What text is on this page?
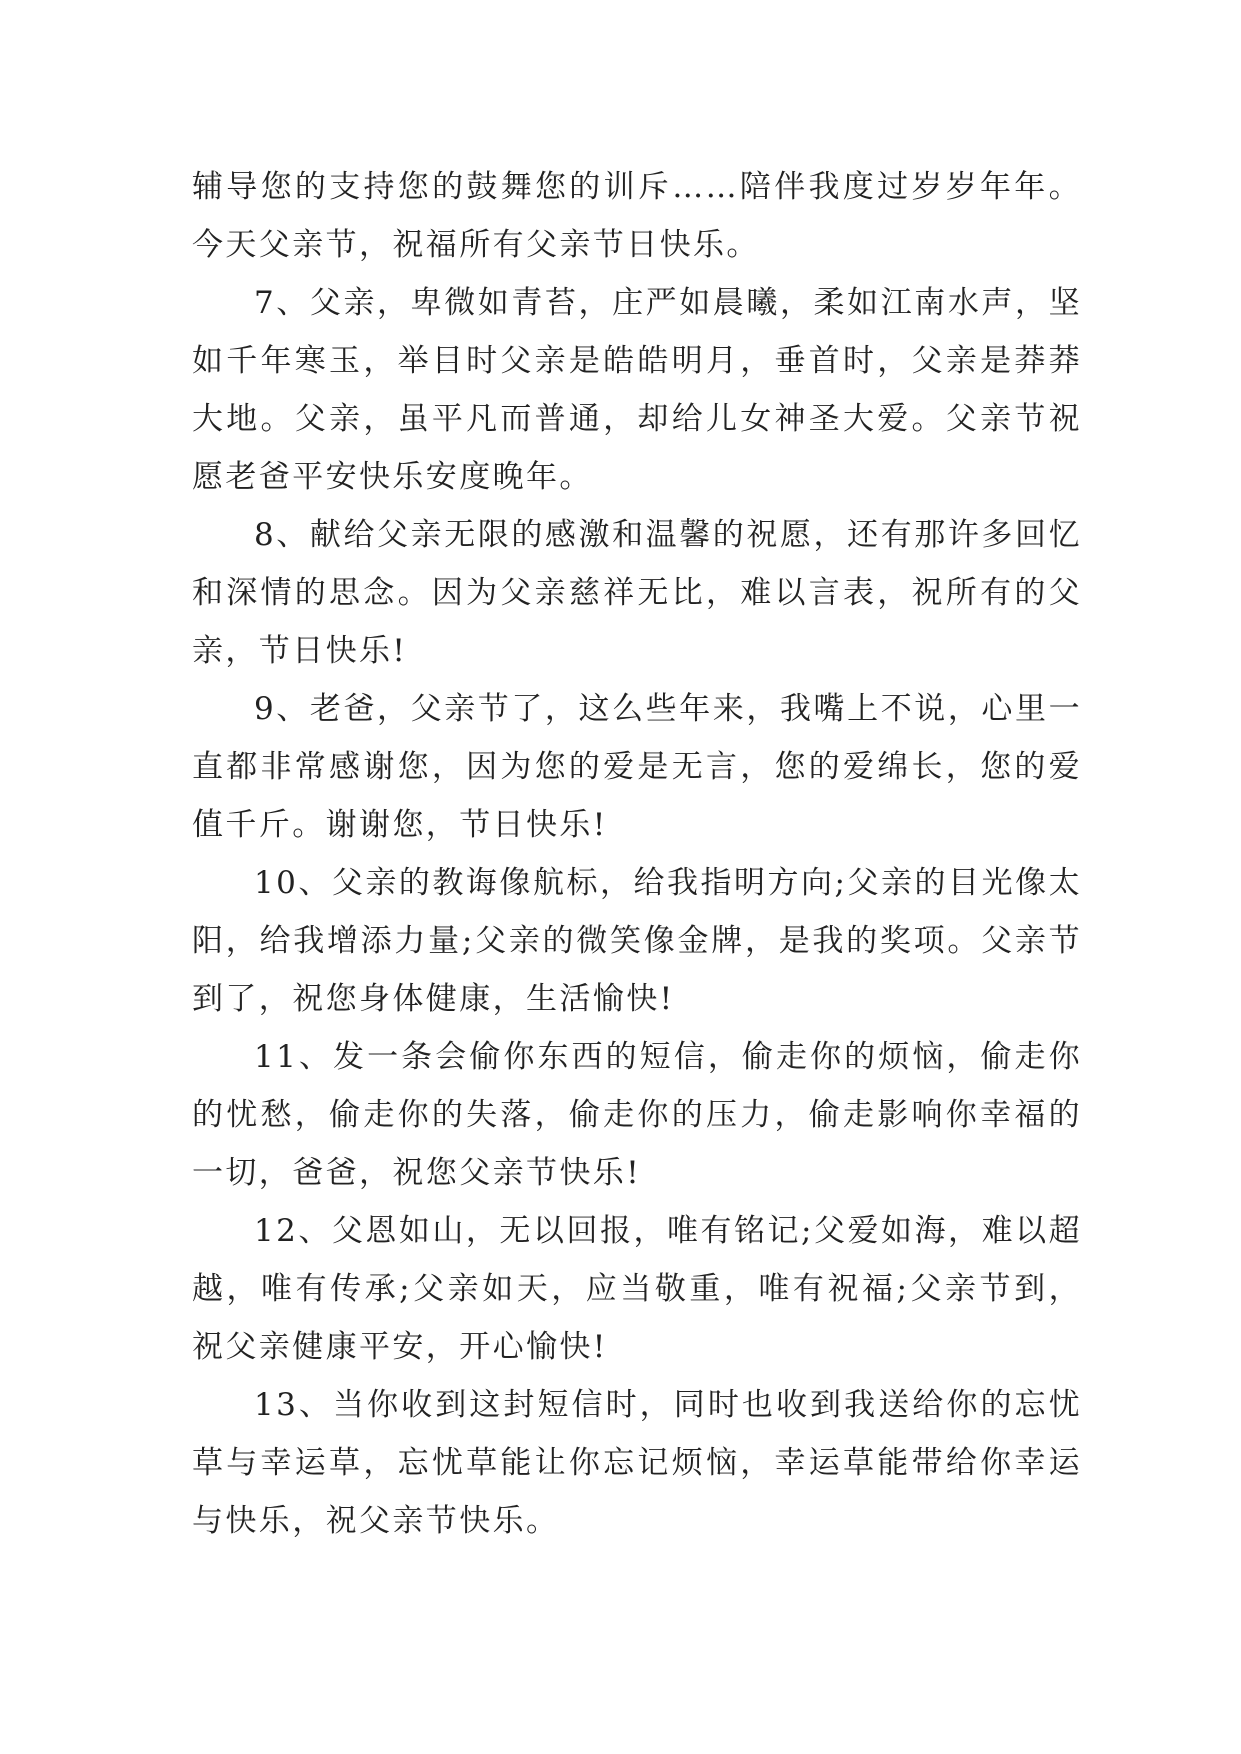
辅导您的支持您的鼓舞您的训斥……陪伴我度过岁岁年年。今天父亲节，祝福所有父亲节日快乐。

7、父亲，卑微如青苔，庄严如晨曦，柔如江南水声，坚如千年寒玉，举目时父亲是皓皓明月，垂首时，父亲是莽莽大地。父亲，虽平凡而普通，却给儿女神圣大爱。父亲节祝愿老爸平安快乐安度晚年。

8、献给父亲无限的感激和温馨的祝愿，还有那许多回忆和深情的思念。因为父亲慈祥无比，难以言表，祝所有的父亲，节日快乐!

9、老爸，父亲节了，这么些年来，我嘴上不说，心里一直都非常感谢您，因为您的爱是无言，您的爱绵长，您的爱值千斤。谢谢您，节日快乐!

10、父亲的教诲像航标，给我指明方向;父亲的目光像太阳，给我增添力量;父亲的微笑像金牌，是我的奖项。父亲节到了，祝您身体健康，生活愉快!

11、发一条会偷你东西的短信，偷走你的烦恼，偷走你的忧愁，偷走你的失落，偷走你的压力，偷走影响你幸福的一切，爸爸，祝您父亲节快乐!

12、父恩如山，无以回报，唯有铭记;父爱如海，难以超越，唯有传承;父亲如天，应当敬重，唯有祝福;父亲节到，祝父亲健康平安，开心愉快!

13、当你收到这封短信时，同时也收到我送给你的忘忧草与幸运草，忘忧草能让你忘记烦恼，幸运草能带给你幸运与快乐，祝父亲节快乐。
